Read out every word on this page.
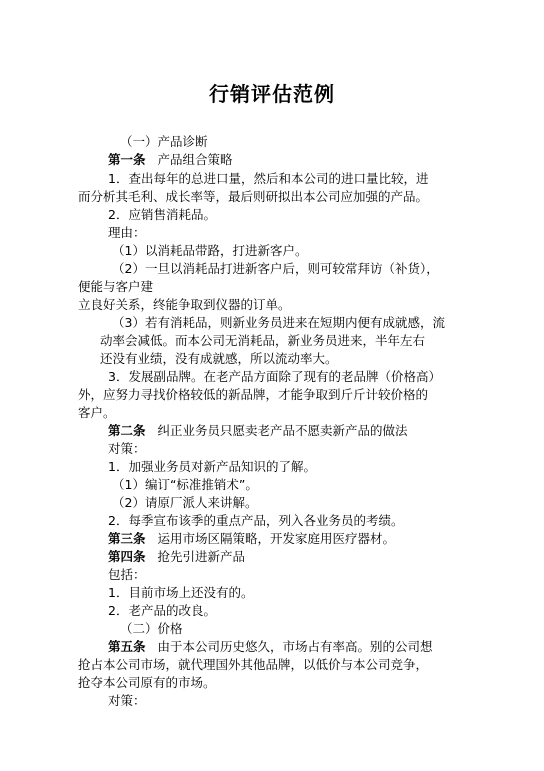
行销评估范例
（一）产品诊断
第一条 产品组合策略
1．查出每年的总进口量，然后和本公司的进口量比较，进
而分析其毛利、成长率等，最后则研拟出本公司应加强的产品。
2．应销售消耗品。
理由：
（1）以消耗品带路，打进新客户。
（2）一旦以消耗品打进新客户后，则可较常拜访（补货），
便能与客户建
立良好关系，终能争取到仪器的订单。
（3）若有消耗品，则新业务员进来在短期内便有成就感，流
动率会减低。而本公司无消耗品，新业务员进来，半年左右
还没有业绩，没有成就感，所以流动率大。
3．发展副品牌。在老产品方面除了现有的老品牌（价格高）
外，应努力寻找价格较低的新品牌，才能争取到斤斤计较价格的
客户。
第二条 纠正业务员只愿卖老产品不愿卖新产品的做法
对策：
1．加强业务员对新产品知识的了解。
（1）编订“标准推销术”。
（2）请原厂派人来讲解。
2．每季宣布该季的重点产品，列入各业务员的考绩。
第三条 运用市场区隔策略，开发家庭用医疗器材。
第四条 抢先引进新产品
包括：
1．目前市场上还没有的。
2．老产品的改良。
（二）价格
第五条 由于本公司历史悠久，市场占有率高。别的公司想
抢占本公司市场，就代理国外其他品牌，以低价与本公司竞争，
抢夺本公司原有的市场。
对策：
